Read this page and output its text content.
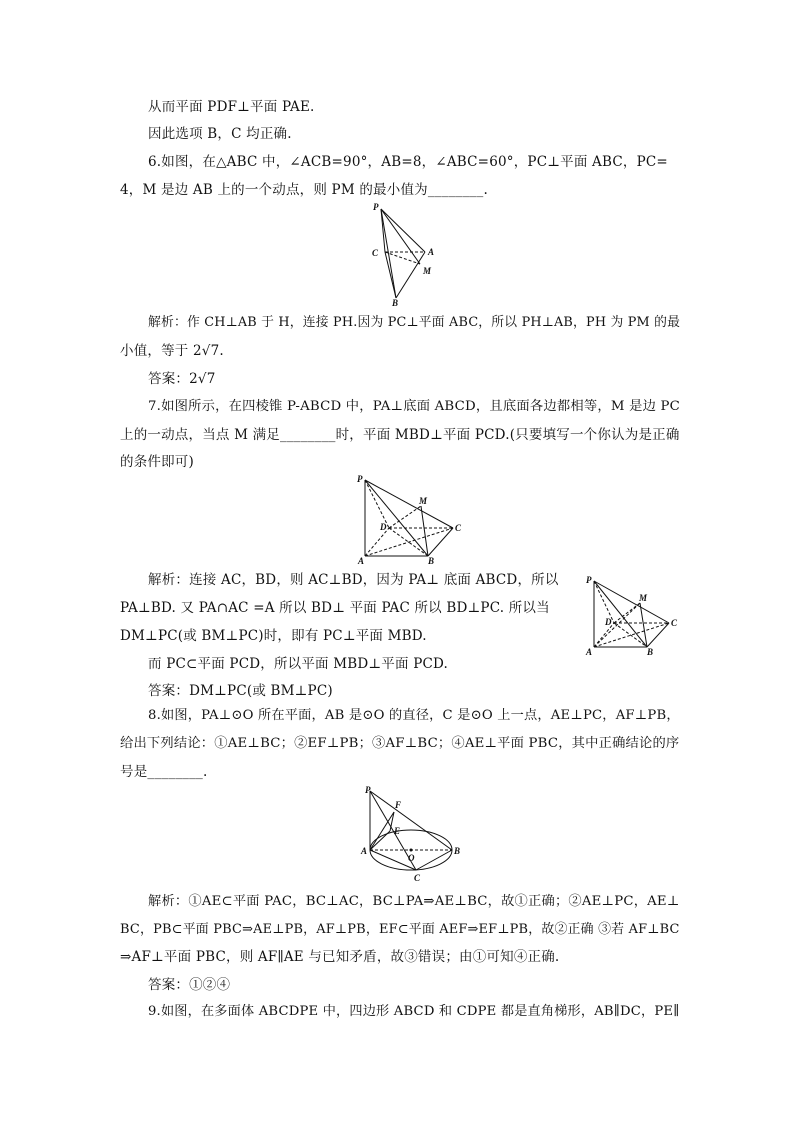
从而平面 PDF⊥平面 PAE.
因此选项 B，C 均正确.
6.如图，在△ABC 中，∠ACB=90°，AB=8，∠ABC=60°，PC⊥平面 ABC，PC=
4，M 是边 AB 上的一个动点，则 PM 的最小值为________.
P
C	A
M
B
解析：作 CH⊥AB 于 H，连接 PH.因为 PC⊥平面 ABC，所以 PH⊥AB，PH 为 PM 的最
小值，等于 2√7.
答案：2√7
7.如图所示，在四棱锥 P-ABCD 中，PA⊥底面 ABCD，且底面各边都相等，M 是边 PC
上的一动点，当点 M 满足________时，平面 MBD⊥平面 PCD.(只要填写一个你认为是正确
的条件即可)
P
M
D	C
A	B
解析：连接 AC，BD，则 AC⊥BD，因为 PA⊥ 底面 ABCD，所以
PA⊥BD. 又 PA∩AC =A 所以 BD⊥ 平面 PAC 所以 BD⊥PC. 所以当
DM⊥PC(或 BM⊥PC)时，即有 PC⊥平面 MBD.
而 PC⊂平面 PCD，所以平面 MBD⊥平面 PCD.
答案：DM⊥PC(或 BM⊥PC)
P
M
D	C
A	B
8.如图，PA⊥⊙O 所在平面，AB 是⊙O 的直径，C 是⊙O 上一点，AE⊥PC，AF⊥PB，
给出下列结论：①AE⊥BC；②EF⊥PB；③AF⊥BC；④AE⊥平面 PBC，其中正确结论的序
号是________.
P
F
E
A
O
B
C
解析：①AE⊂平面 PAC，BC⊥AC，BC⊥PA⇒AE⊥BC，故①正确；②AE⊥PC，AE⊥
BC，PB⊂平面 PBC⇒AE⊥PB，AF⊥PB，EF⊂平面 AEF⇒EF⊥PB，故②正确 ③若 AF⊥BC
⇒AF⊥平面 PBC，则 AF∥AE 与已知矛盾，故③错误；由①可知④正确.
答案：①②④
9.如图，在多面体 ABCDPE 中，四边形 ABCD 和 CDPE 都是直角梯形，AB∥DC，PE∥
